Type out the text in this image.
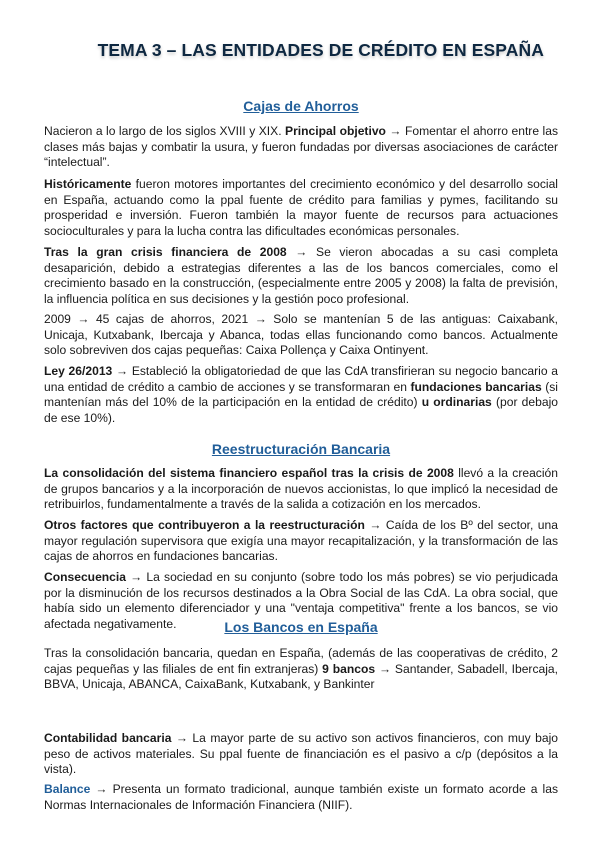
TEMA 3 – LAS ENTIDADES DE CRÉDITO EN ESPAÑA
Cajas de Ahorros
Nacieron a lo largo de los siglos XVIII y XIX. Principal objetivo → Fomentar el ahorro entre las clases más bajas y combatir la usura, y fueron fundadas por diversas asociaciones de carácter “intelectual”.
Históricamente fueron motores importantes del crecimiento económico y del desarrollo social en España, actuando como la ppal fuente de crédito para familias y pymes, facilitando su prosperidad e inversión. Fueron también la mayor fuente de recursos para actuaciones socioculturales y para la lucha contra las dificultades económicas personales.
Tras la gran crisis financiera de 2008 → Se vieron abocadas a su casi completa desaparición, debido a estrategias diferentes a las de los bancos comerciales, como el crecimiento basado en la construcción, (especialmente entre 2005 y 2008) la falta de previsión, la influencia política en sus decisiones y la gestión poco profesional.
2009 → 45 cajas de ahorros, 2021 → Solo se mantenían 5 de las antiguas: Caixabank, Unicaja, Kutxabank, Ibercaja y Abanca, todas ellas funcionando como bancos. Actualmente solo sobreviven dos cajas pequeñas: Caixa Pollença y Caixa Ontinyent.
Ley 26/2013 → Estableció la obligatoriedad de que las CdA transfirieran su negocio bancario a una entidad de crédito a cambio de acciones y se transformaran en fundaciones bancarias (si mantenían más del 10% de la participación en la entidad de crédito) u ordinarias (por debajo de ese 10%).
Reestructuración Bancaria
La consolidación del sistema financiero español tras la crisis de 2008 llevó a la creación de grupos bancarios y a la incorporación de nuevos accionistas, lo que implicó la necesidad de retribuirlos, fundamentalmente a través de la salida a cotización en los mercados.
Otros factores que contribuyeron a la reestructuración → Caída de los Bº del sector, una mayor regulación supervisora que exigía una mayor recapitalización, y la transformación de las cajas de ahorros en fundaciones bancarias.
Consecuencia → La sociedad en su conjunto (sobre todo los más pobres) se vio perjudicada por la disminución de los recursos destinados a la Obra Social de las CdA. La obra social, que había sido un elemento diferenciador y una "ventaja competitiva" frente a los bancos, se vio afectada negativamente.	Los Bancos en España
Tras la consolidación bancaria, quedan en España, (además de las cooperativas de crédito, 2 cajas pequeñas y las filiales de ent fin extranjeras) 9 bancos → Santander, Sabadell, Ibercaja, BBVA, Unicaja, ABANCA, CaixaBank, Kutxabank, y Bankinter
Contabilidad bancaria → La mayor parte de su activo son activos financieros, con muy bajo peso de activos materiales. Su ppal fuente de financiación es el pasivo a c/p (depósitos a la vista).
Balance → Presenta un formato tradicional, aunque también existe un formato acorde a las Normas Internacionales de Información Financiera (NIIF).
